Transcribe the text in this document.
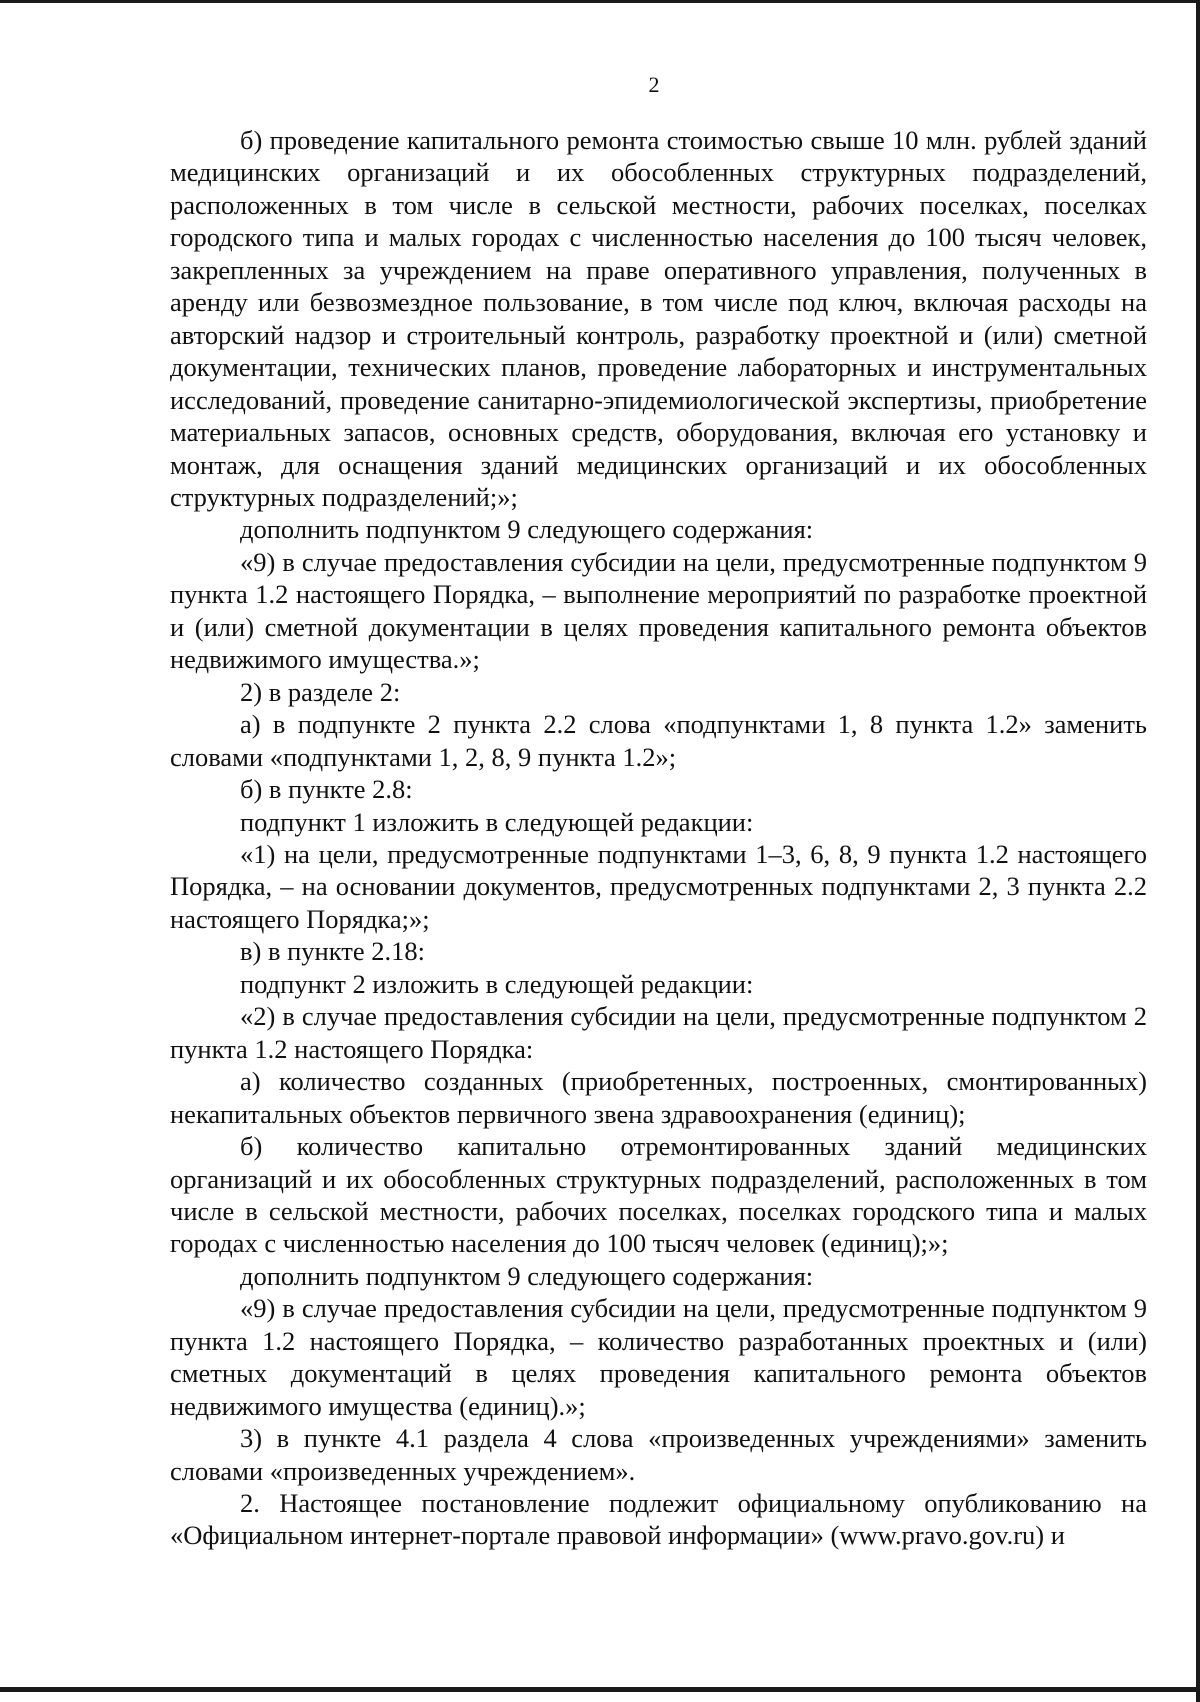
2

б) проведение капитального ремонта стоимостью свыше 10 млн. рублей зданий медицинских организаций и их обособленных структурных подразделений, расположенных в том числе в сельской местности, рабочих поселках, поселках городского типа и малых городах с численностью населения до 100 тысяч человек, закрепленных за учреждением на праве оперативного управления, полученных в аренду или безвозмездное пользование, в том числе под ключ, включая расходы на авторский надзор и строительный контроль, разработку проектной и (или) сметной документации, технических планов, проведение лабораторных и инструментальных исследований, проведение санитарно-эпидемиологической экспертизы, приобретение материальных запасов, основных средств, оборудования, включая его установку и монтаж, для оснащения зданий медицинских организаций и их обособленных структурных подразделений;»;

дополнить подпунктом 9 следующего содержания:

«9) в случае предоставления субсидии на цели, предусмотренные подпунктом 9 пункта 1.2 настоящего Порядка, – выполнение мероприятий по разработке проектной и (или) сметной документации в целях проведения капитального ремонта объектов недвижимого имущества.»;

2) в разделе 2:

а) в подпункте 2 пункта 2.2 слова «подпунктами 1, 8 пункта 1.2» заменить словами «подпунктами 1, 2, 8, 9 пункта 1.2»;

б) в пункте 2.8:

подпункт 1 изложить в следующей редакции:

«1) на цели, предусмотренные подпунктами 1–3, 6, 8, 9 пункта 1.2 настоящего Порядка, – на основании документов, предусмотренных подпунктами 2, 3 пункта 2.2 настоящего Порядка;»;

в) в пункте 2.18:

подпункт 2 изложить в следующей редакции:

«2) в случае предоставления субсидии на цели, предусмотренные подпунктом 2 пункта 1.2 настоящего Порядка:

а) количество созданных (приобретенных, построенных, смонтированных) некапитальных объектов первичного звена здравоохранения (единиц);

б) количество капитально отремонтированных зданий медицинских организаций и их обособленных структурных подразделений, расположенных в том числе в сельской местности, рабочих поселках, поселках городского типа и малых городах с численностью населения до 100 тысяч человек (единиц);»;

дополнить подпунктом 9 следующего содержания:

«9) в случае предоставления субсидии на цели, предусмотренные подпунктом 9 пункта 1.2 настоящего Порядка, – количество разработанных проектных и (или) сметных документаций в целях проведения капитального ремонта объектов недвижимого имущества (единиц).»;

3) в пункте 4.1 раздела 4 слова «произведенных учреждениями» заменить словами «произведенных учреждением».

2. Настоящее постановление подлежит официальному опубликованию на «Официальном интернет-портале правовой информации» (www.pravo.gov.ru) и
